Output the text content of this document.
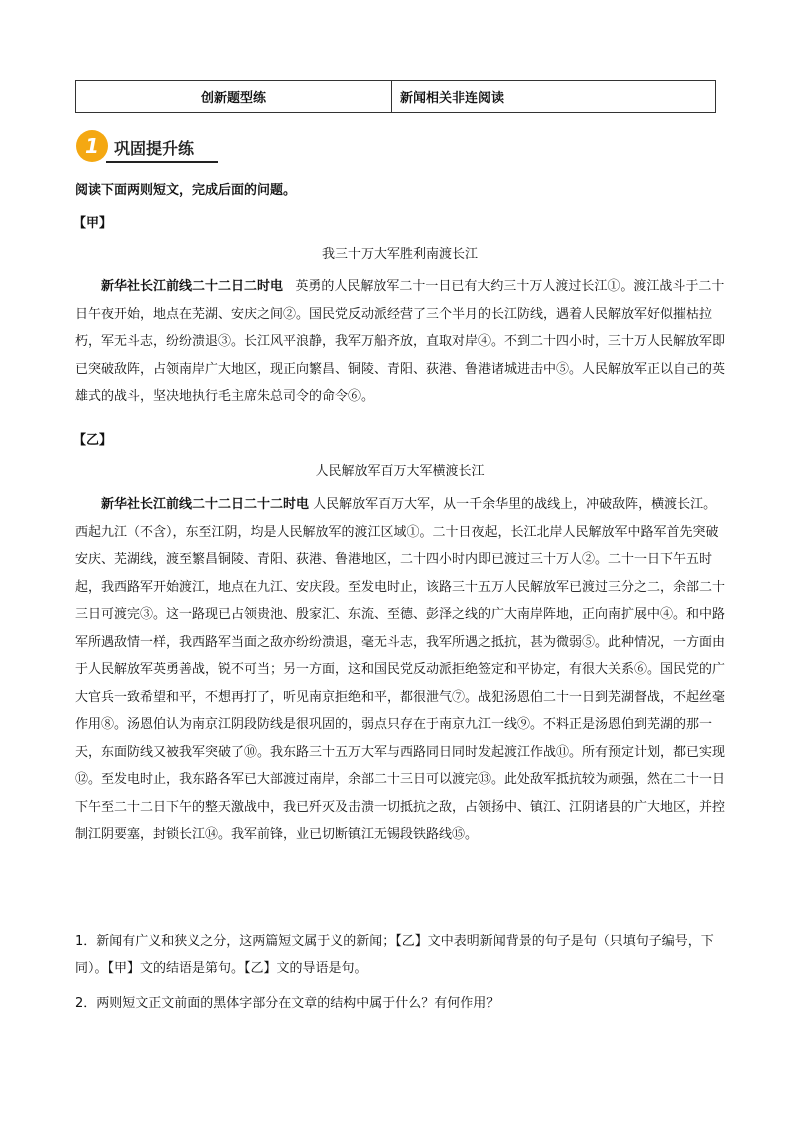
创新题型练	新闻相关非连阅读
1 巩固提升练
阅读下面两则短文，完成后面的问题。
【甲】
我三十万大军胜利南渡长江
新华社长江前线二十二日二时电 英勇的人民解放军二十一日已有大约三十万人渡过长江①。渡江战斗于二十日午夜开始，地点在芜湖、安庆之间②。国民党反动派经营了三个半月的长江防线，遇着人民解放军好似摧枯拉朽，军无斗志，纷纷溃退③。长江风平浪静，我军万船齐放，直取对岸④。不到二十四小时，三十万人民解放军即已突破敌阵，占领南岸广大地区，现正向繁昌、铜陵、青阳、荻港、鲁港诸城进击中⑤。人民解放军正以自己的英雄式的战斗，坚决地执行毛主席朱总司令的命令⑥。
【乙】
人民解放军百万大军横渡长江
新华社长江前线二十二日二十二时电 人民解放军百万大军，从一千余华里的战线上，冲破敌阵，横渡长江。西起九江（不含），东至江阴，均是人民解放军的渡江区域①。二十日夜起，长江北岸人民解放军中路军首先突破安庆、芜湖线，渡至繁昌铜陵、青阳、荻港、鲁港地区，二十四小时内即已渡过三十万人②。二十一日下午五时起，我西路军开始渡江，地点在九江、安庆段。至发电时止，该路三十五万人民解放军已渡过三分之二，余部二十三日可渡完③。这一路现已占领贵池、殷家汇、东流、至德、彭泽之线的广大南岸阵地，正向南扩展中④。和中路军所遇敌情一样，我西路军当面之敌亦纷纷溃退，毫无斗志，我军所遇之抵抗，甚为微弱⑤。此种情况，一方面由于人民解放军英勇善战，锐不可当；另一方面，这和国民党反动派拒绝签定和平协定，有很大关系⑥。国民党的广大官兵一致希望和平，不想再打了，听见南京拒绝和平，都很泄气⑦。战犯汤恩伯二十一日到芜湖督战，不起丝毫作用⑧。汤恩伯认为南京江阴段防线是很巩固的，弱点只存在于南京九江一线⑨。不料正是汤恩伯到芜湖的那一天，东面防线又被我军突破了⑩。我东路三十五万大军与西路同日同时发起渡江作战⑪。所有预定计划，都已实现⑫。至发电时止，我东路各军已大部渡过南岸，余部二十三日可以渡完⑬。此处敌军抵抗较为顽强，然在二十一日下午至二十二日下午的整天激战中，我已歼灭及击溃一切抵抗之敌，占领扬中、镇江、江阴诸县的广大地区，并控制江阴要塞，封锁长江⑭。我军前锋，业已切断镇江无锡段铁路线⑮。
1．新闻有广义和狭义之分，这两篇短文属于义的新闻；【乙】文中表明新闻背景的句子是句（只填句子编号，下同）。【甲】文的结语是第句。【乙】文的导语是句。
2．两则短文正文前面的黑体字部分在文章的结构中属于什么？有何作用？
